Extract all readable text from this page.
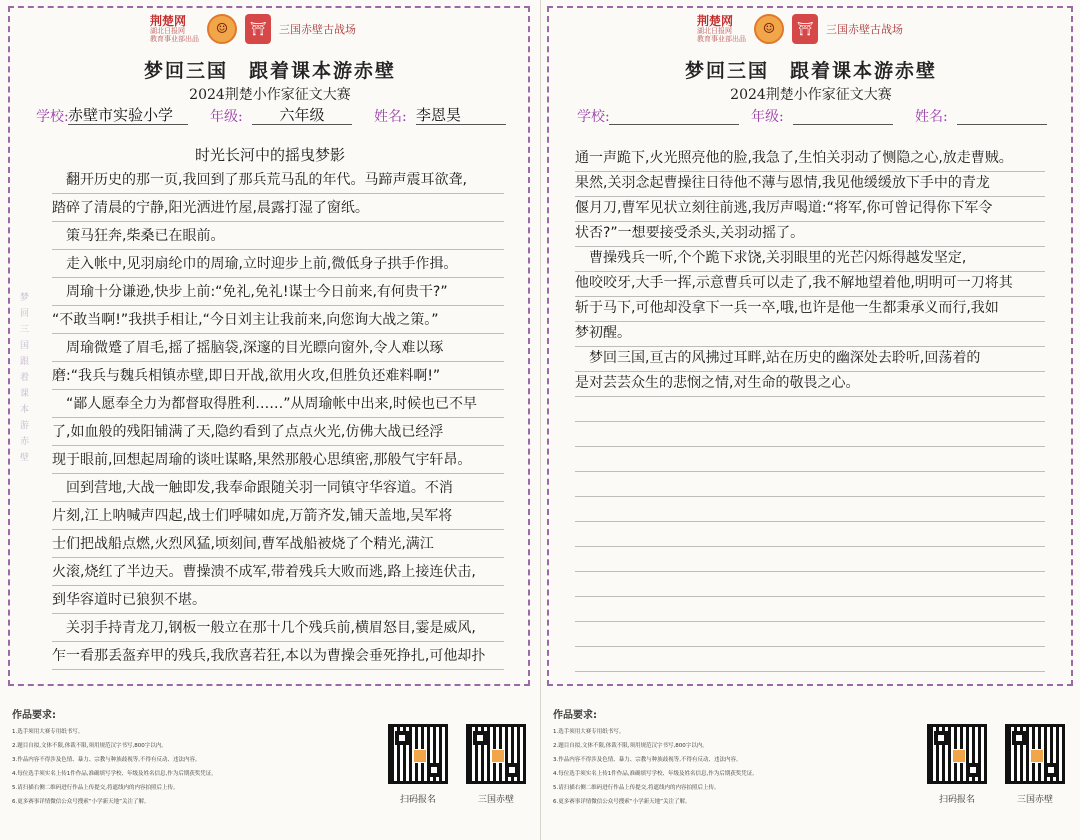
荆楚网
湖北日报网
教育事业部出品
☺	⛩	三国赤壁古战场
梦回三国　跟着课本游赤壁
2024荆楚小作家征文大赛
学校: 赤壁市实验小学	年级:	六年级	姓名: 李恩昊
梦回三国跟着课本游赤壁
时光长河中的摇曳梦影
　翻开历史的那一页,我回到了那兵荒马乱的年代。马蹄声震耳欲聋,
踏碎了清晨的宁静,阳光洒进竹屋,晨露打湿了窗纸。
　策马狂奔,柴桑已在眼前。
　走入帐中,见羽扇纶巾的周瑜,立时迎步上前,微低身子拱手作揖。
　周瑜十分谦逊,快步上前:“免礼,免礼!谋士今日前来,有何贵干?”
“不敢当啊!”我拱手相让,“今日刘主让我前来,向您询大战之策。”
　周瑜微蹙了眉毛,摇了摇脑袋,深邃的目光瞟向窗外,令人难以琢
磨:“我兵与魏兵相镇赤壁,即日开战,欲用火攻,但胜负还难料啊!”
　“鄙人愿奉全力为都督取得胜利……”从周瑜帐中出来,时候也已不早
了,如血般的残阳铺满了天,隐约看到了点点火光,仿佛大战已经浮
现于眼前,回想起周瑜的谈吐谋略,果然那般心思缜密,那般气宇轩昂。
　回到营地,大战一触即发,我奉命跟随关羽一同镇守华容道。不消
片刻,江上呐喊声四起,战士们呼啸如虎,万箭齐发,铺天盖地,吴军将
士们把战船点燃,火烈风猛,顷刻间,曹军战船被烧了个精光,满江
火滚,烧红了半边天。曹操溃不成军,带着残兵大败而逃,路上接连伏击,
到华容道时已狼狈不堪。
　关羽手持青龙刀,钢板一般立在那十几个残兵前,横眉怒目,霎是威风,
乍一看那丢盔弃甲的残兵,我欣喜若狂,本以为曹操会垂死挣扎,可他却扑
作品要求:
1.选手须用大赛专用纸书写。
2.题目自拟,文体不限,体裁不限,须用规范汉字书写,800字以内。
3.作品内容不得涉及色情、暴力、宗教与种族歧视等,不得有反动、违法内容。
4.每位选手须实名上传1件作品,准确填写学校、年级及姓名信息,作为后期获奖凭证。
5.请扫描右侧二维码进行作品上传提交,将遮线内的内容拍照后上传。
6.更多赛事详情微信公众号搜索“小学新天地”关注了解。	扫码报名	三国赤壁
荆楚网
湖北日报网
教育事业部出品
☺	⛩	三国赤壁古战场
梦回三国　跟着课本游赤壁
2024荆楚小作家征文大赛
学校:	年级:	姓名:
通一声跪下,火光照亮他的脸,我急了,生怕关羽动了恻隐之心,放走曹贼。
果然,关羽念起曹操往日待他不薄与恩情,我见他缓缓放下手中的青龙
偃月刀,曹军见状立刻往前逃,我厉声喝道:“将军,你可曾记得你下军令
状否?”一想要接受杀头,关羽动摇了。
　曹操残兵一听,个个跪下求饶,关羽眼里的光芒闪烁得越发坚定,
他咬咬牙,大手一挥,示意曹兵可以走了,我不解地望着他,明明可一刀将其
斩于马下,可他却没拿下一兵一卒,哦,也许是他一生都秉承义而行,我如
梦初醒。
　梦回三国,亘古的风拂过耳畔,站在历史的幽深处去聆听,回荡着的
是对芸芸众生的悲悯之情,对生命的敬畏之心。
作品要求:
1.选手须用大赛专用纸书写。
2.题目自拟,文体不限,体裁不限,须用规范汉字书写,800字以内。
3.作品内容不得涉及色情、暴力、宗教与种族歧视等,不得有反动、违法内容。
4.每位选手须实名上传1件作品,准确填写学校、年级及姓名信息,作为后期获奖凭证。
5.请扫描右侧二维码进行作品上传提交,将遮线内的内容拍照后上传。
6.更多赛事详情微信公众号搜索“小学新天地”关注了解。	扫码报名	三国赤壁
